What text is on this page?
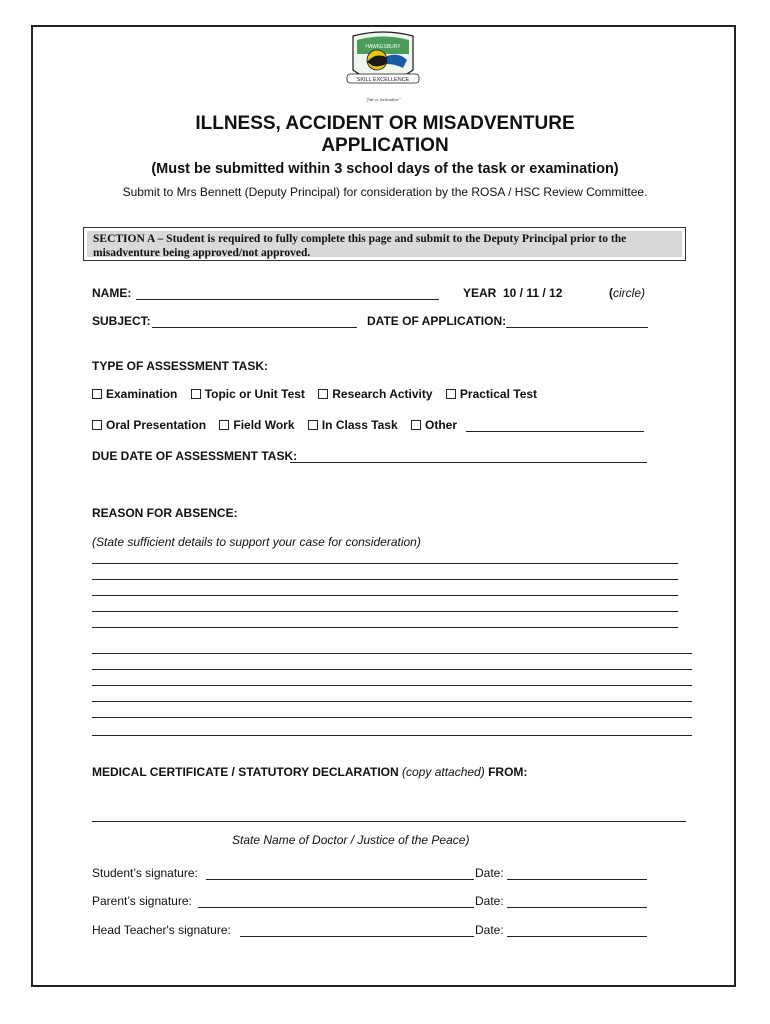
HAWKESBURY
SKILL EXCELLENCE
"fide et fortitudine"
ILLNESS, ACCIDENT OR MISADVENTURE
APPLICATION
(Must be submitted within 3 school days of the task or examination)
Submit to Mrs Bennett (Deputy Principal) for consideration by the ROSA / HSC Review Committee.
SECTION A – Student is required to fully complete this page and submit to the Deputy Principal prior to the misadventure being approved/not approved.
NAME:	YEAR 10 / 11 / 12	(circle)
SUBJECT:	DATE OF APPLICATION:
TYPE OF ASSESSMENT TASK:
Examination Topic or Unit Test Research Activity Practical Test
Oral Presentation Field Work In Class Task Other
DUE DATE OF ASSESSMENT TASK:
REASON FOR ABSENCE:
(State sufficient details to support your case for consideration)
MEDICAL CERTIFICATE / STATUTORY DECLARATION (copy attached) FROM:
State Name of Doctor / Justice of the Peace)
Student’s signature:	Date:
Parent’s signature:	Date:
Head Teacher's signature:	Date:
